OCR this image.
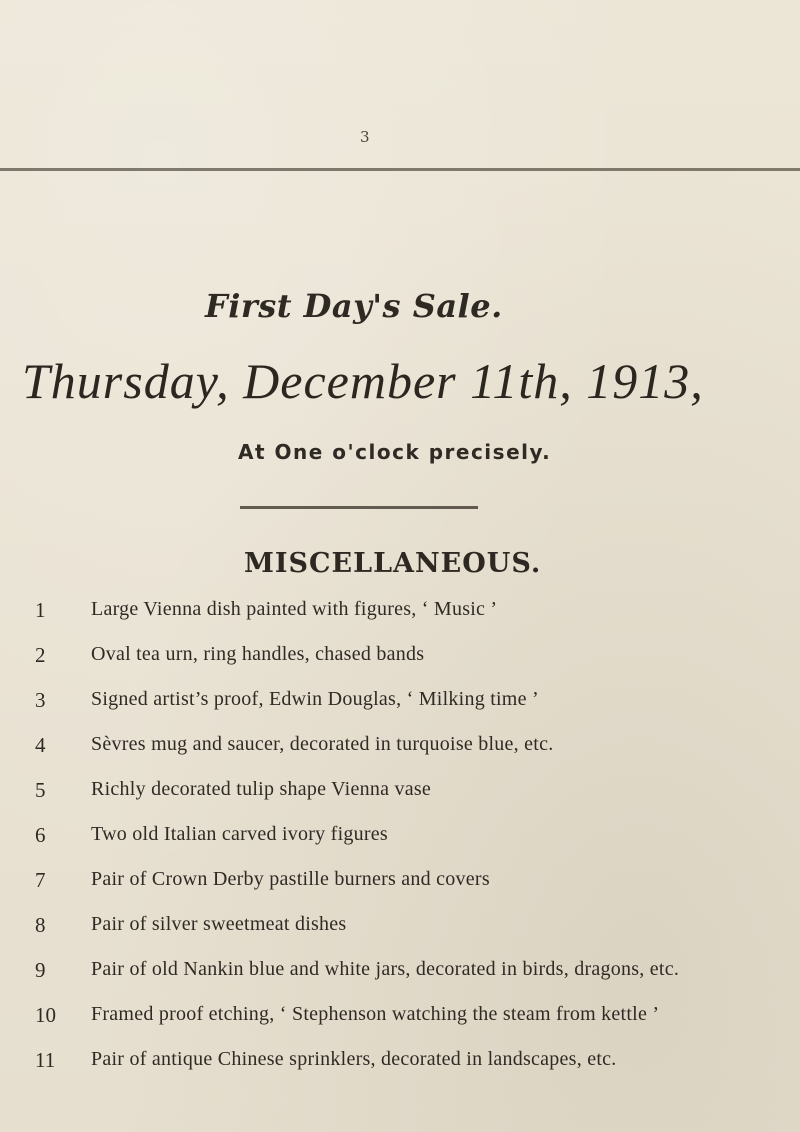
3
First Day's Sale.
Thursday, December 11th, 1913,
At One o'clock precisely.
MISCELLANEOUS.
1	Large Vienna dish painted with figures, ‘ Music ’
2	Oval tea urn, ring handles, chased bands
3	Signed artist’s proof, Edwin Douglas, ‘ Milking time ’
4	Sèvres mug and saucer, decorated in turquoise blue, etc.
5	Richly decorated tulip shape Vienna vase
6	Two old Italian carved ivory figures
7	Pair of Crown Derby pastille burners and covers
8	Pair of silver sweetmeat dishes
9	Pair of old Nankin blue and white jars, decorated in birds, dragons, etc.
10	Framed proof etching, ‘ Stephenson watching the steam from kettle ’
11	Pair of antique Chinese sprinklers, decorated in landscapes, etc.
